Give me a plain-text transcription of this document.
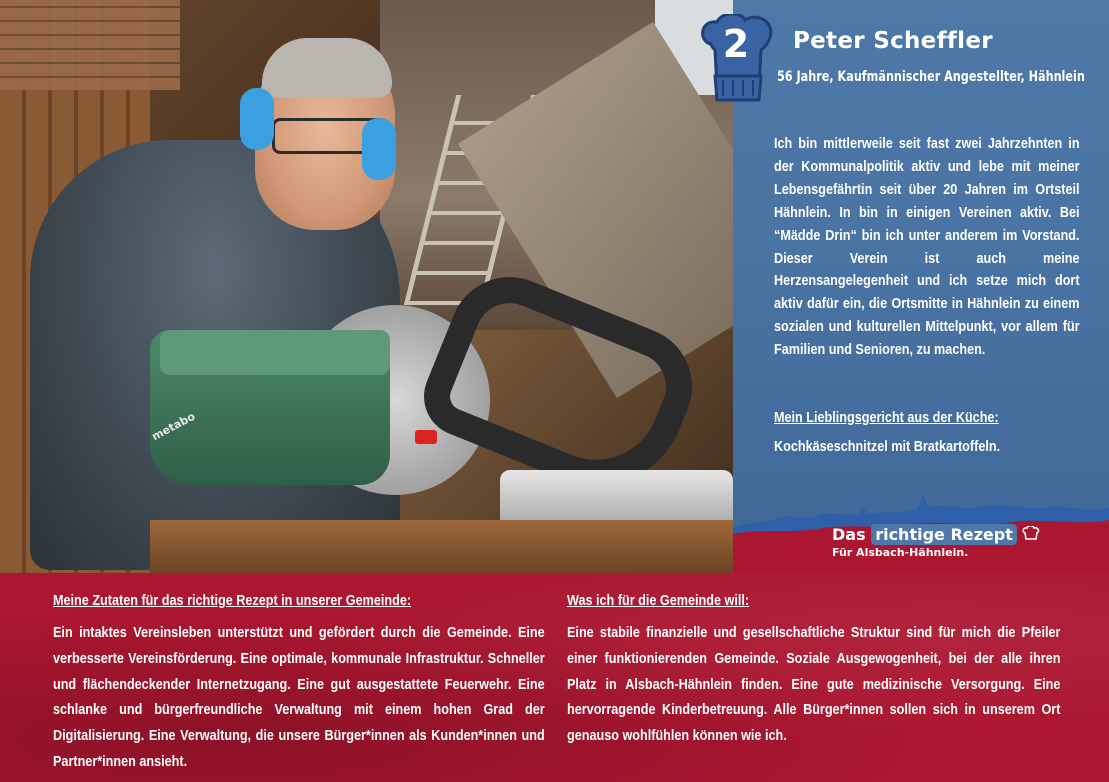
metabo
2	Peter Scheffler
56 Jahre, Kaufmännischer Angestellter, Hähnlein
Ich bin mittlerweile seit fast zwei Jahrzehnten in der Kommunalpolitik aktiv und lebe mit meiner Lebensgefährtin seit über 20 Jahren im Ortsteil Hähnlein. In bin in einigen Vereinen aktiv. Bei “Mädde Drin“ bin ich unter anderem im Vorstand. Dieser Verein ist auch meine Herzensangelegenheit und ich setze mich dort aktiv dafür ein, die Ortsmitte in Hähnlein zu einem sozialen und kulturellen Mittelpunkt, vor allem für Familien und Senioren, zu machen.
Mein Lieblingsgericht aus der Küche:
Kochkäseschnitzel mit Bratkartoffeln.
Das richtige Rezept
Für Alsbach-Hähnlein.
Meine Zutaten für das richtige Rezept in unserer Gemeinde:

Ein intaktes Vereinsleben unterstützt und gefördert durch die Gemeinde. Eine verbesserte Vereinsförderung. Eine optimale, kommunale Infrastruktur. Schneller und flächendeckender Internetzugang. Eine gut ausgestattete Feuerwehr. Eine schlanke und bürgerfreundliche Verwaltung mit einem hohen Grad der Digitalisierung. Eine Verwaltung, die unsere Bürger*innen als Kunden*innen und Partner*innen ansieht.

Was ich für die Gemeinde will:

Eine stabile finanzielle und gesellschaftliche Struktur sind für mich die Pfeiler einer funktionierenden Gemeinde. Soziale Ausgewogenheit, bei der alle ihren Platz in Alsbach-Hähnlein finden. Eine gute medizinische Versorgung. Eine hervorragende Kinderbetreuung. Alle Bürger*innen sollen sich in unserem Ort genauso wohlfühlen können wie ich.
